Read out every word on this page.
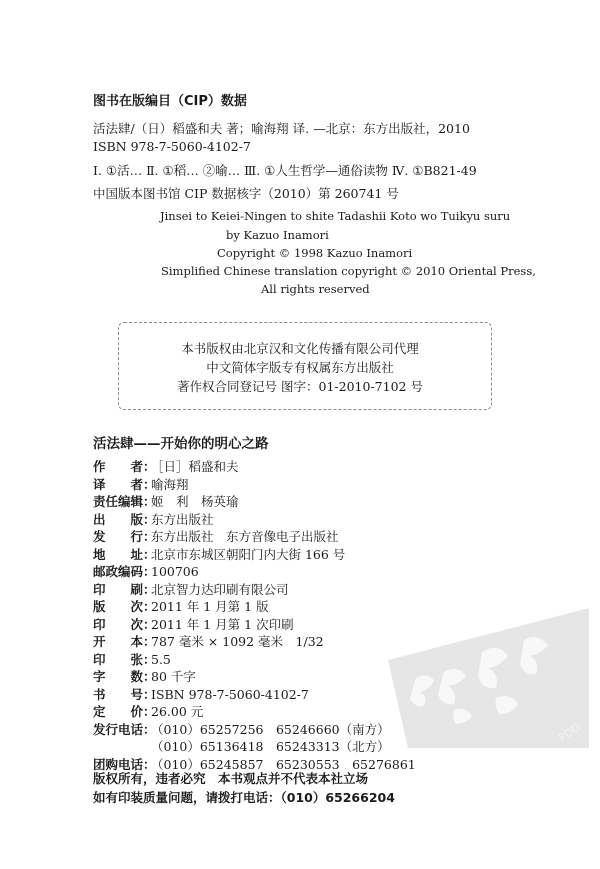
图书在版编目（CIP）数据
活法肆/（日）稻盛和夫 著；喻海翔 译. —北京：东方出版社，2010
ISBN 978-7-5060-4102-7
Ⅰ. ①活… Ⅱ. ①稻… ②喻… Ⅲ. ①人生哲学—通俗读物 Ⅳ. ①B821-49
中国版本图书馆 CIP 数据核字（2010）第 260741 号
Jinsei to Keiei-Ningen to shite Tadashii Koto wo Tuikyu suru
by Kazuo Inamori
Copyright © 1998 Kazuo Inamori
Simplified Chinese translation copyright © 2010 Oriental Press,
All rights reserved
本书版权由北京汉和文化传播有限公司代理
中文简体字版专有权属东方出版社
著作权合同登记号 图字：01-2010-7102 号
活法肆——开始你的明心之路
作　　者：［日］稻盛和夫
译　　者：喻海翔
责任编辑：姬　利　杨英瑜
出　　版：东方出版社
发　　行：东方出版社　东方音像电子出版社
地　　址：北京市东城区朝阳门内大街 166 号
邮政编码：100706
印　　刷：北京智力达印刷有限公司
版　　次：2011 年 1 月第 1 版
印　　次：2011 年 1 月第 1 次印刷
开　　本：787 毫米 × 1092 毫米　1/32
印　　张：5.5
字　　数：80 千字
书　　号：ISBN 978-7-5060-4102-7
定　　价：26.00 元
发行电话：（010）65257256　65246660（南方）
（010）65136418　65243313（北方）
团购电话：（010）65245857　65230553　65276861
版权所有，违者必究　本书观点并不代表本社立场
如有印装质量问题，请拨打电话：（010）65266204
PDG
